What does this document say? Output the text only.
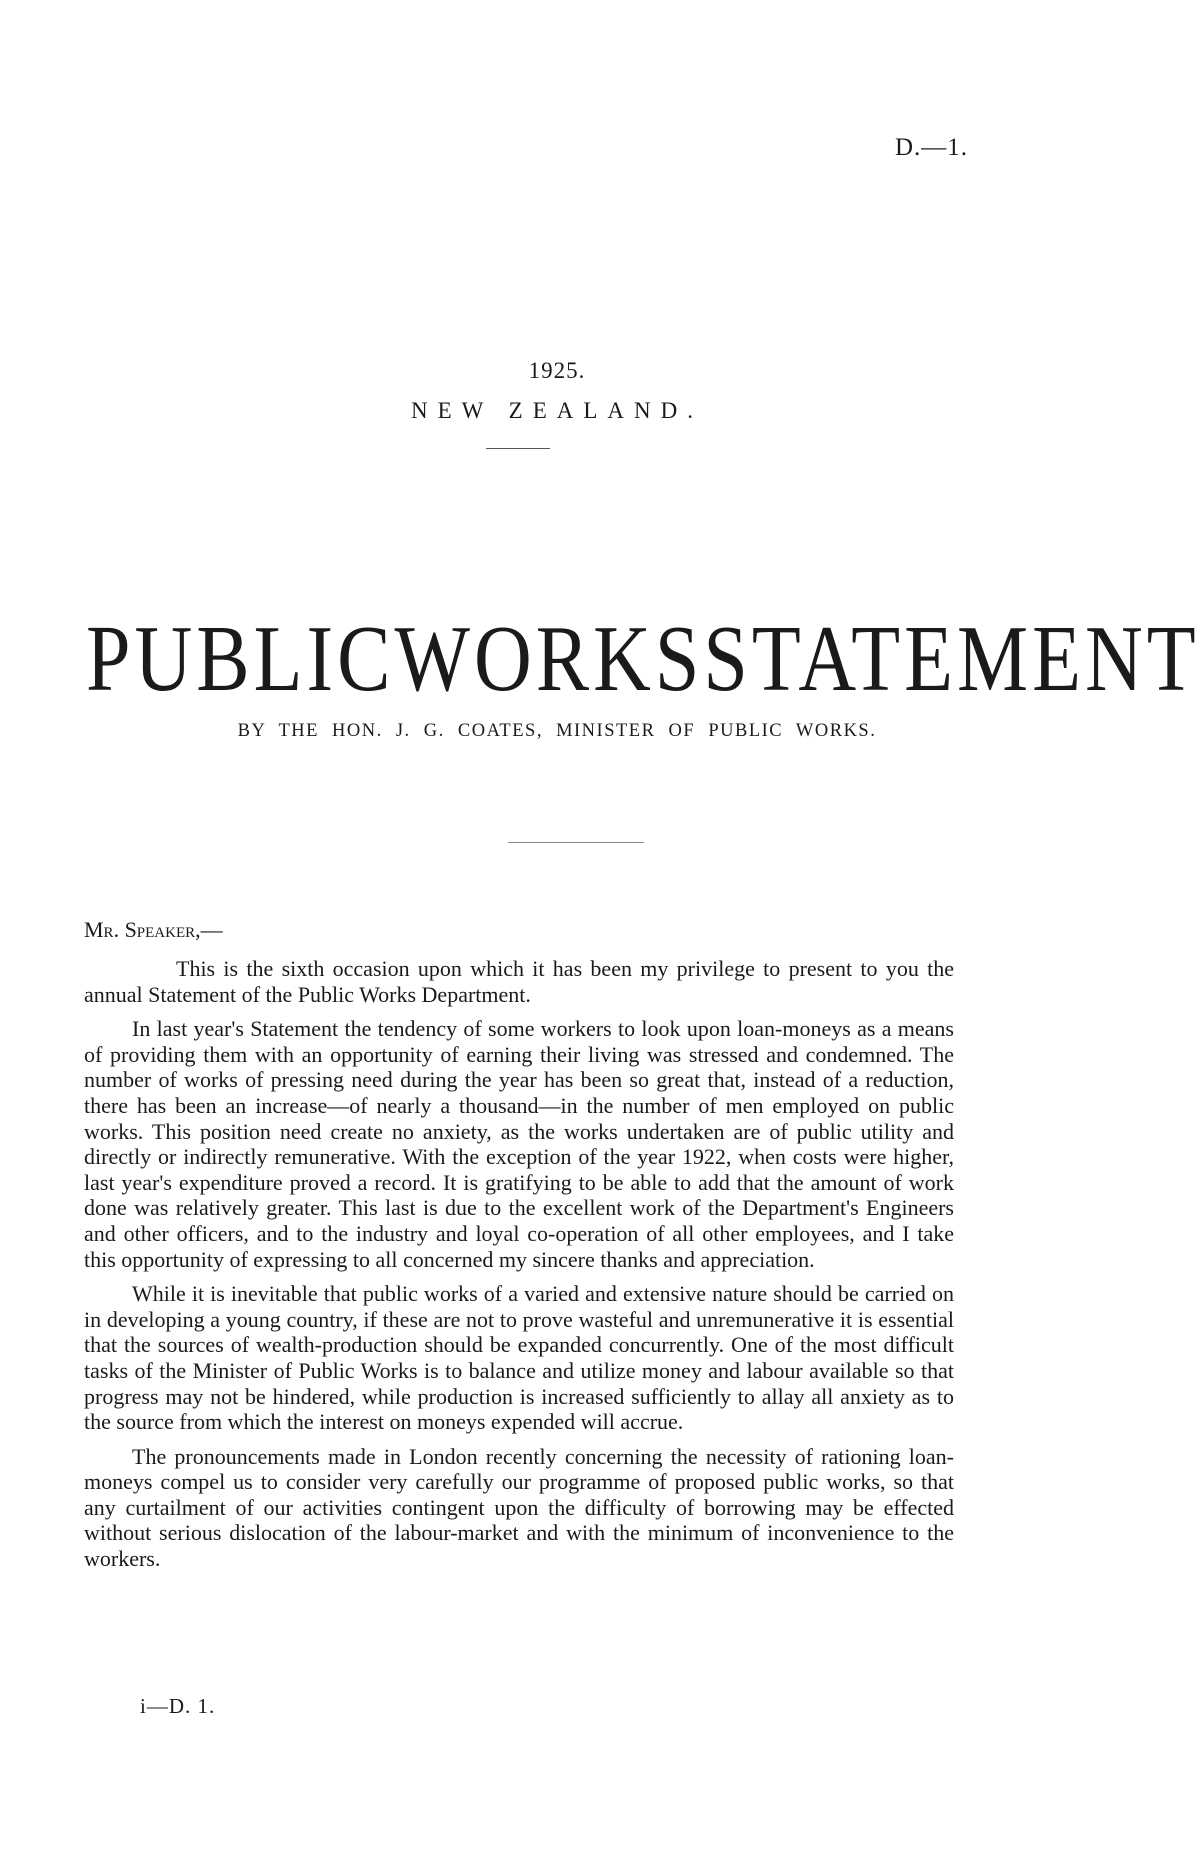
D.—1.
1925.
NEW ZEALAND.
PUBLIC WORKS STATEMENT
BY THE HON. J. G. COATES, MINISTER OF PUBLIC WORKS.
Mr. Speaker,—

This is the sixth occasion upon which it has been my privilege to present to you the annual Statement of the Public Works Department.

In last year's Statement the tendency of some workers to look upon loan-moneys as a means of providing them with an opportunity of earning their living was stressed and condemned. The number of works of pressing need during the year has been so great that, instead of a reduction, there has been an increase—of nearly a thousand—in the number of men employed on public works. This position need create no anxiety, as the works undertaken are of public utility and directly or indirectly remunerative. With the exception of the year 1922, when costs were higher, last year's expenditure proved a record. It is gratifying to be able to add that the amount of work done was relatively greater. This last is due to the excellent work of the Department's Engineers and other officers, and to the industry and loyal co-operation of all other employees, and I take this opportunity of expressing to all concerned my sincere thanks and appreciation.

While it is inevitable that public works of a varied and extensive nature should be carried on in developing a young country, if these are not to prove wasteful and unremunerative it is essential that the sources of wealth-production should be expanded concurrently. One of the most difficult tasks of the Minister of Public Works is to balance and utilize money and labour available so that progress may not be hindered, while production is increased sufficiently to allay all anxiety as to the source from which the interest on moneys expended will accrue.

The pronouncements made in London recently concerning the necessity of rationing loan-moneys compel us to consider very carefully our programme of proposed public works, so that any curtailment of our activities contingent upon the difficulty of borrowing may be effected without serious dislocation of the labour-market and with the minimum of inconvenience to the workers.

i—D. 1.
